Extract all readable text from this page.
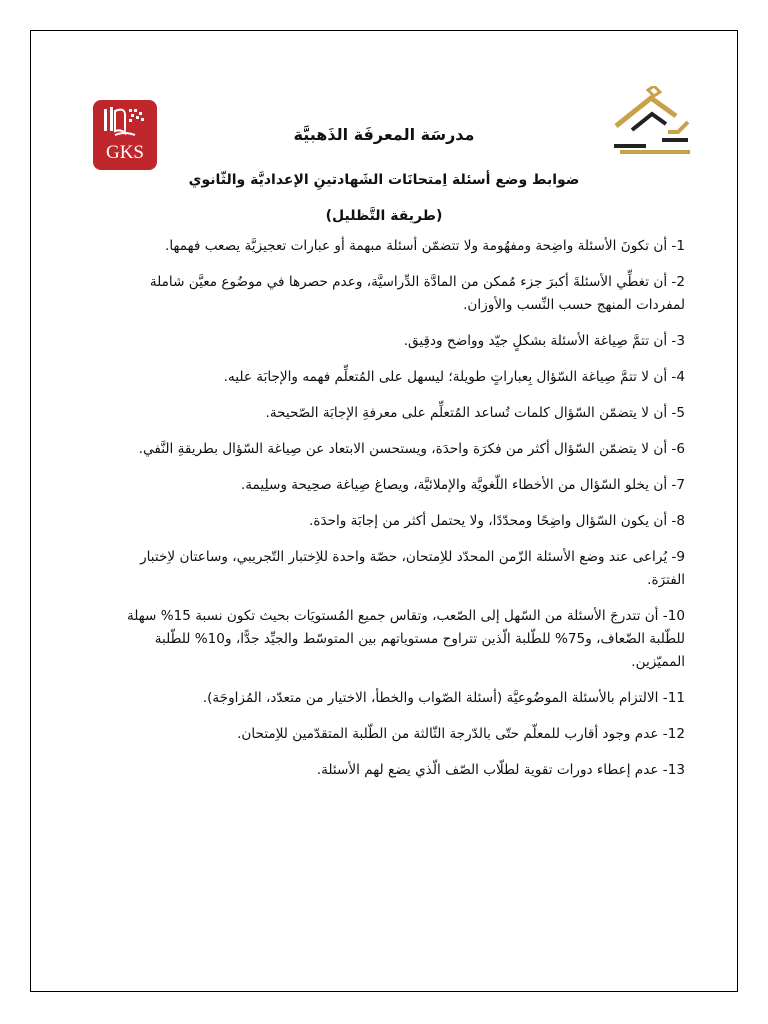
GKS
مدرسَة المعرفَة الذَهبيَّة
ضوابط وضع أسئلة اِمتحانَات الشَهادتينِ الإعداديَّة والثّانوي
(طريقة التَّظليل)
1- أن تكونَ الأسئلة واضِحة ومفهُومة ولا تتضمّن أسئلة مبهمة أو عبارات تعجيزيَّة يصعب فهمها.
2- أن تغطِّي الأسئلةَ أكبرَ جزء مُمكن من المادَّة الدِّراسيَّة، وعدم حصرها في موضُوع معيَّن شاملة لمفردات المنهج حسب النِّسب والأوزان.
3- أن تتمَّ صِياغة الأسئلة بشكلٍ جيّد وواضح ودقِيق.
4- أن لا تتمَّ صِياغة السّؤال بِعباراتٍ طويلة؛ ليسهل على المُتعلِّم فهمه والإجابَة عليه.
5- أن لا يتضمّن السّؤال كلمات تُساعد المُتعلِّم على معرفةِ الإجابَة الصّحيحة.
6- أن لا يتضمّن السّؤال أكثر من فكرَة واحدَة، ويستحسن الابتعاد عن صِياغة السّؤال بطريقةِ النَّفي.
7- أن يخلو السّؤال من الأخطاء اللّغويَّة والإملائيَّة، ويصاغ صِياغة صحِيحة وسلِيمة.
8- أن يكون السّؤال واضِحًا ومحدّدًا، ولا يحتمل أكثر من إجابَة واحدَة.
9- يُراعى عند وضع الأسئلة الزّمن المحدّد للاِمتحان، حصّة واحدة للاِختبار التّجريبي، وساعتان لاِختبار الفترَة.
10- أن تتدرجَ الأسئلة من السّهل إلى الصّعب، وتقاس جميع المُستويَات بحيث تكون نسبة 15% سهلة للطّلبة الضّعاف، و75% للطّلبة الّذين تتراوح مستوياتهم بين المتوسّط والجيِّد جدًّا، و10% للطّلبة المميّزين.
11- الالتزام بالأسئلة الموضُوعيَّة (أسئلة الصّواب والخطأ، الاختيار من متعدّد، المُزاوجَة).
12- عدم وجود أقارب للمعلّم حتّى بالدّرجة الثّالثة من الطّلبة المتقدّمين للاِمتحان.
13- عدم إعطاء دورات تقوية لطلّاب الصّف الّذي يضع لهم الأسئلة.
